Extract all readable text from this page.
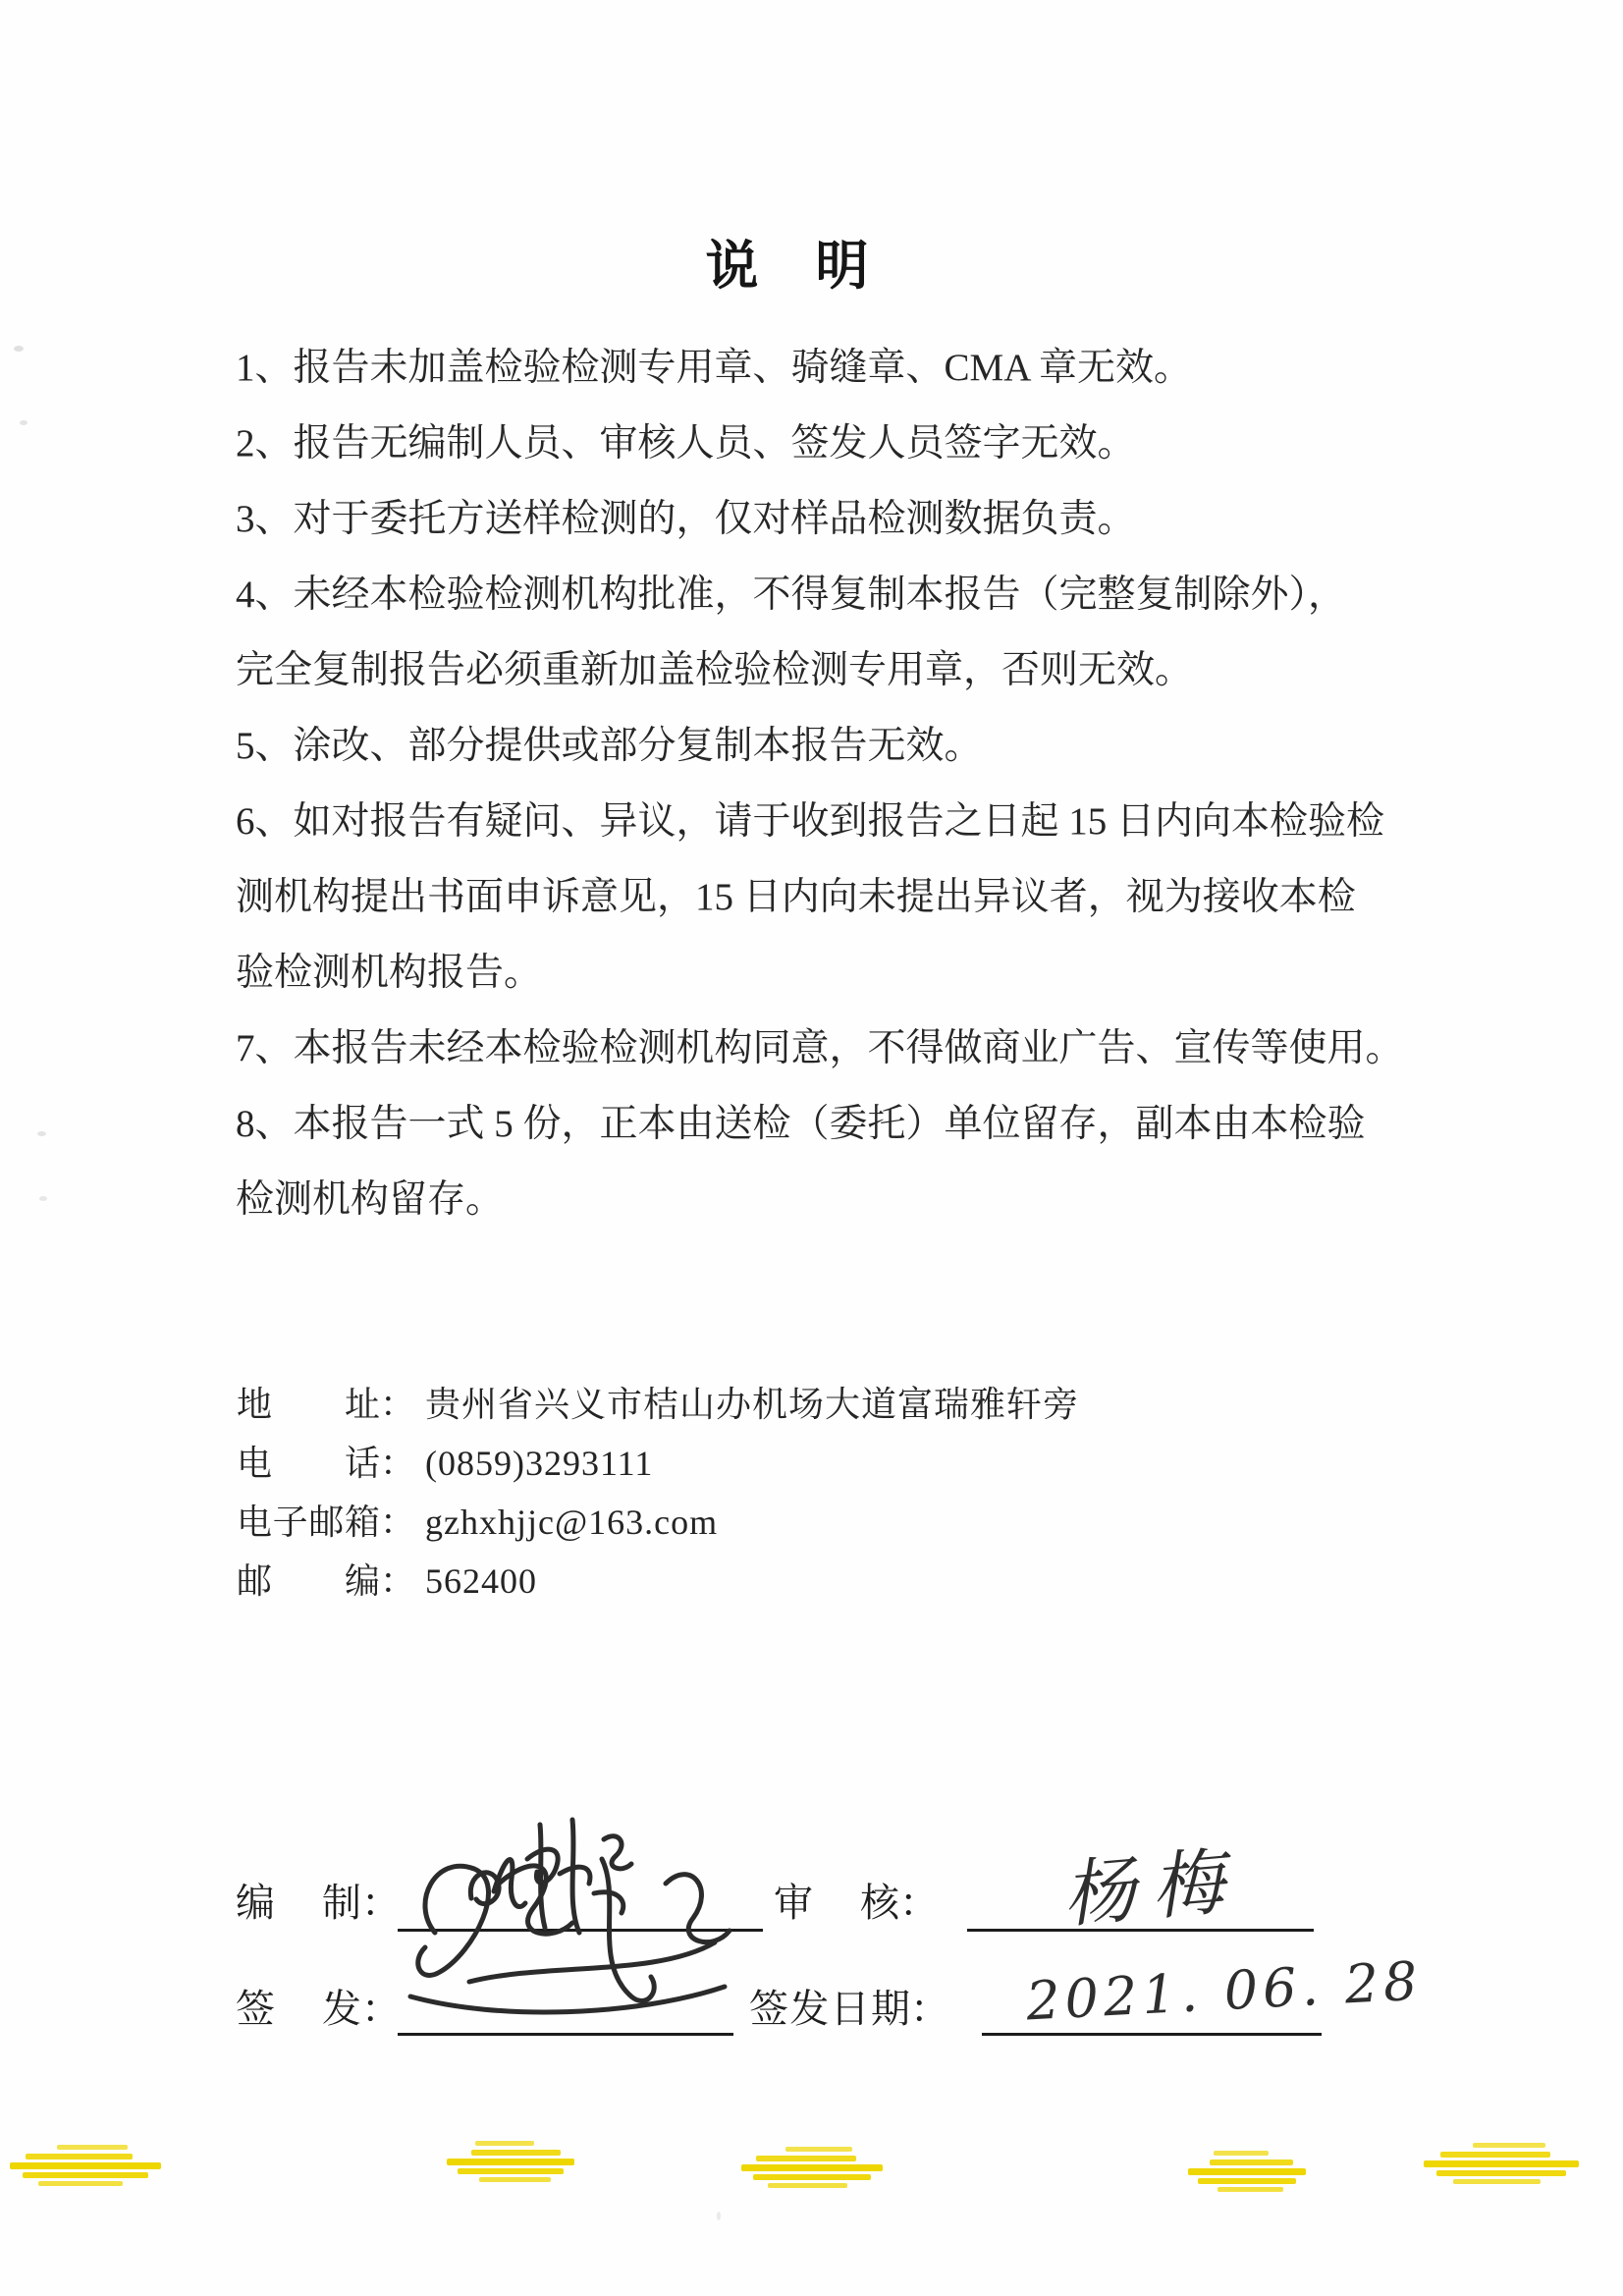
说　明

1、报告未加盖检验检测专用章、骑缝章、CMA 章无效。

2、报告无编制人员、审核人员、签发人员签字无效。

3、对于委托方送样检测的，仅对样品检测数据负责。

4、未经本检验检测机构批准，不得复制本报告（完整复制除外），

完全复制报告必须重新加盖检验检测专用章，否则无效。

5、涂改、部分提供或部分复制本报告无效。

6、如对报告有疑问、异议，请于收到报告之日起 15 日内向本检验检

测机构提出书面申诉意见，15 日内向未提出异议者，视为接收本检

验检测机构报告。

7、本报告未经本检验检测机构同意，不得做商业广告、宣传等使用。

8、本报告一式 5 份，正本由送检（委托）单位留存，副本由本检验

检测机构留存。

地址： 贵州省兴义市桔山办机场大道富瑞雅轩旁
电话： (0859)3293111
电子邮箱： gzhxhjjc@163.com
邮编： 562400
编制：	审核： 杨梅
签发：	签发日期： 2021. 06. 28
